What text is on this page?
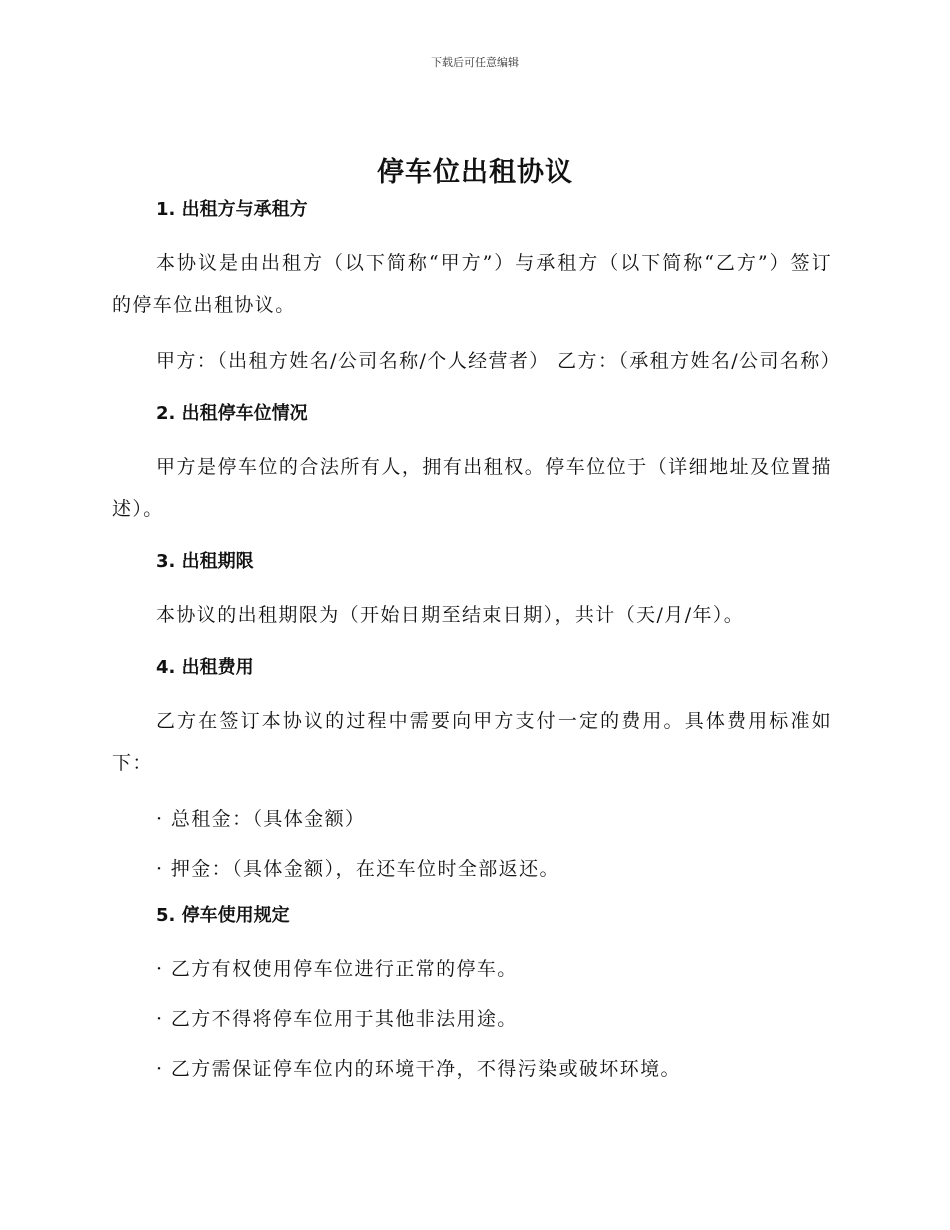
下载后可任意编辑
停车位出租协议
1. 出租方与承租方

本协议是由出租方（以下简称“甲方”）与承租方（以下简称“乙方”）签订的停车位出租协议。

甲方：（出租方姓名/公司名称/个人经营者） 乙方：（承租方姓名/公司名称）

2. 出租停车位情况

甲方是停车位的合法所有人，拥有出租权。停车位位于（详细地址及位置描述）。

3. 出租期限

本协议的出租期限为（开始日期至结束日期），共计（天/月/年）。

4. 出租费用

乙方在签订本协议的过程中需要向甲方支付一定的费用。具体费用标准如下：

· 总租金：（具体金额）

· 押金：（具体金额），在还车位时全部返还。

5. 停车使用规定

· 乙方有权使用停车位进行正常的停车。

· 乙方不得将停车位用于其他非法用途。

· 乙方需保证停车位内的环境干净，不得污染或破坏环境。
